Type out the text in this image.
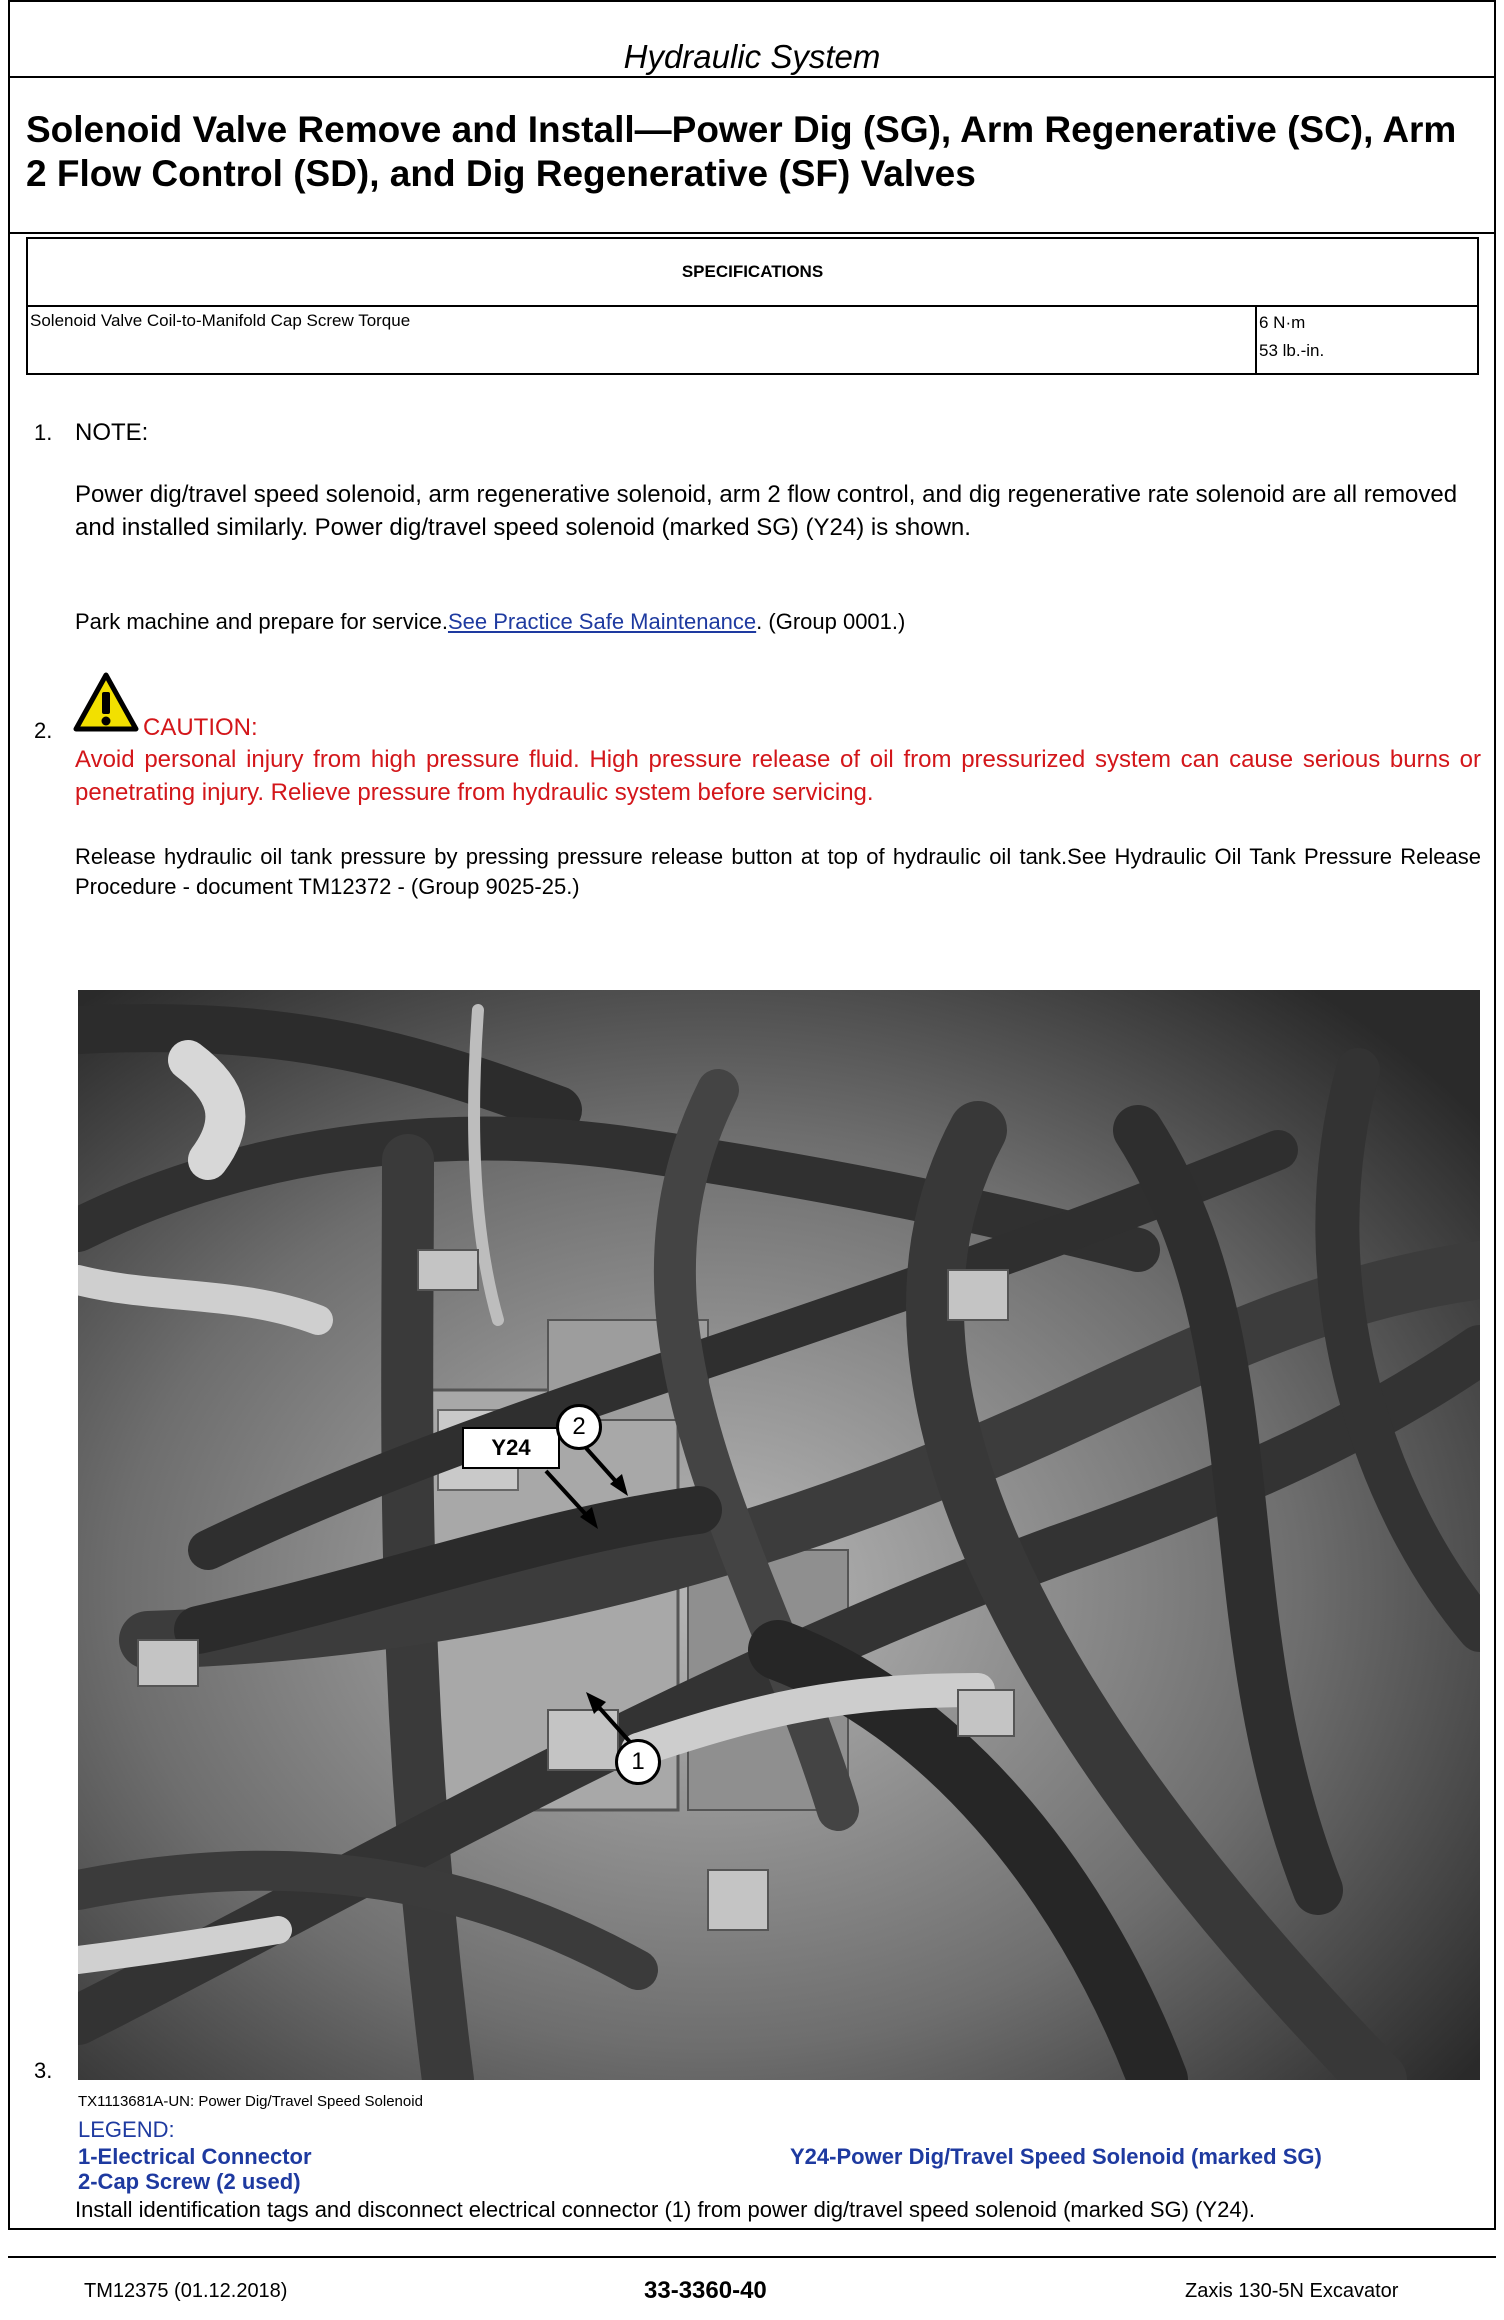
Hydraulic System
Solenoid Valve Remove and Install—Power Dig (SG), Arm Regenerative (SC), Arm 2 Flow Control (SD), and Dig Regenerative (SF) Valves
SPECIFICATIONS
Solenoid Valve Coil-to-Manifold Cap Screw Torque	6 N·m
53 lb.-in.
1. NOTE:
Power dig/travel speed solenoid, arm regenerative solenoid, arm 2 flow control, and dig regenerative rate solenoid are all removed and installed similarly. Power dig/travel speed solenoid (marked SG) (Y24) is shown.
Park machine and prepare for service.See Practice Safe Maintenance. (Group 0001.)
2.	CAUTION:
Avoid personal injury from high pressure fluid. High pressure release of oil from pressurized system can cause serious burns or penetrating injury. Relieve pressure from hydraulic system before servicing.
Release hydraulic oil tank pressure by pressing pressure release button at top of hydraulic oil tank.See Hydraulic Oil Tank Pressure Release Procedure - document TM12372 - (Group 9025-25.)
Y24
2
1
3.
TX1113681A-UN: Power Dig/Travel Speed Solenoid
LEGEND:
1-Electrical Connector
2-Cap Screw (2 used)
Y24-Power Dig/Travel Speed Solenoid (marked SG)
Install identification tags and disconnect electrical connector (1) from power dig/travel speed solenoid (marked SG) (Y24).
TM12375 (01.12.2018)	33-3360-40	Zaxis 130-5N Excavator
